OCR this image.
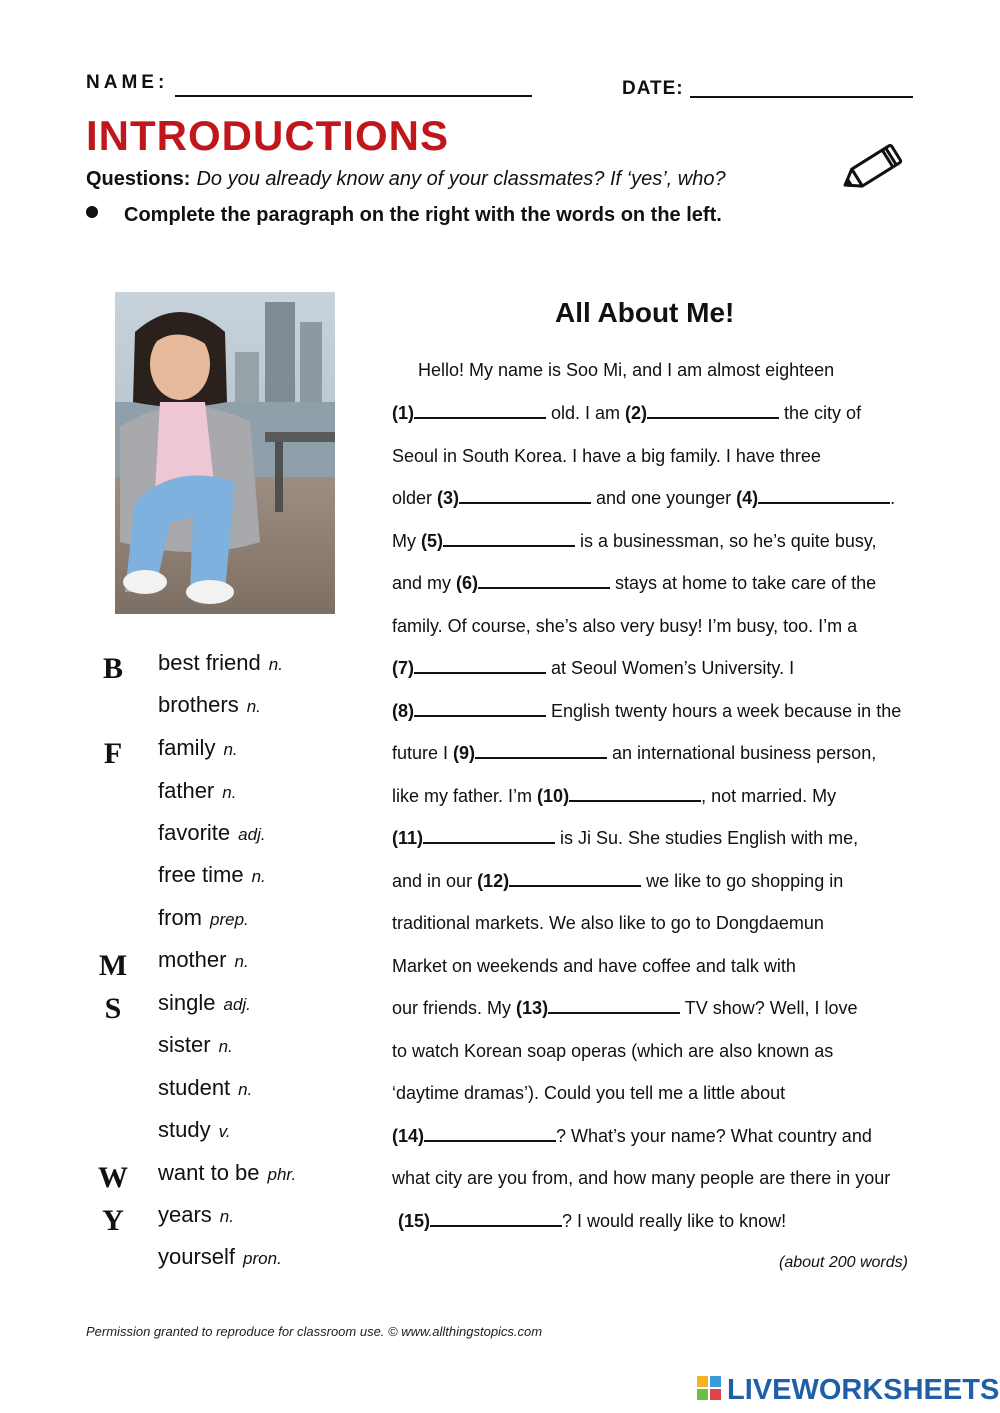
NAME:	DATE:
INTRODUCTIONS
Questions: Do you already know any of your classmates? If ‘yes’, who?
Complete the paragraph on the right with the words on the left.
B
F
M
S
W
Y
best friend n.
brothers n.
family n.
father n.
favorite adj.
free time n.
from prep.
mother n.
single adj.
sister n.
student n.
study v.
want to be phr.
years n.
yourself pron.
All About Me!
Hello! My name is Soo Mi, and I am almost eighteen
(1)	old. I am (2)	the city of
Seoul in South Korea. I have a big family. I have three
older (3)	and one younger (4)	.
My (5)	is a businessman, so he’s quite busy,
and my (6)	stays at home to take care of the
family. Of course, she’s also very busy! I’m busy, too. I’m a
(7)	at Seoul Women’s University. I
(8)	English twenty hours a week because in the
future I (9)	an international business person,
like my father. I’m (10)	, not married. My
(11)	is Ji Su. She studies English with me,
and in our (12)	we like to go shopping in
traditional markets. We also like to go to Dongdaemun
Market on weekends and have coffee and talk with
our friends. My (13)	TV show? Well, I love
to watch Korean soap operas (which are also known as
‘daytime dramas’). Could you tell me a little about
(14)	? What’s your name? What country and
what city are you from, and how many people are there in your
(15)	? I would really like to know!
(about 200 words)
Permission granted to reproduce for classroom use. © www.allthingstopics.com
LIVEWORKSHEETS
